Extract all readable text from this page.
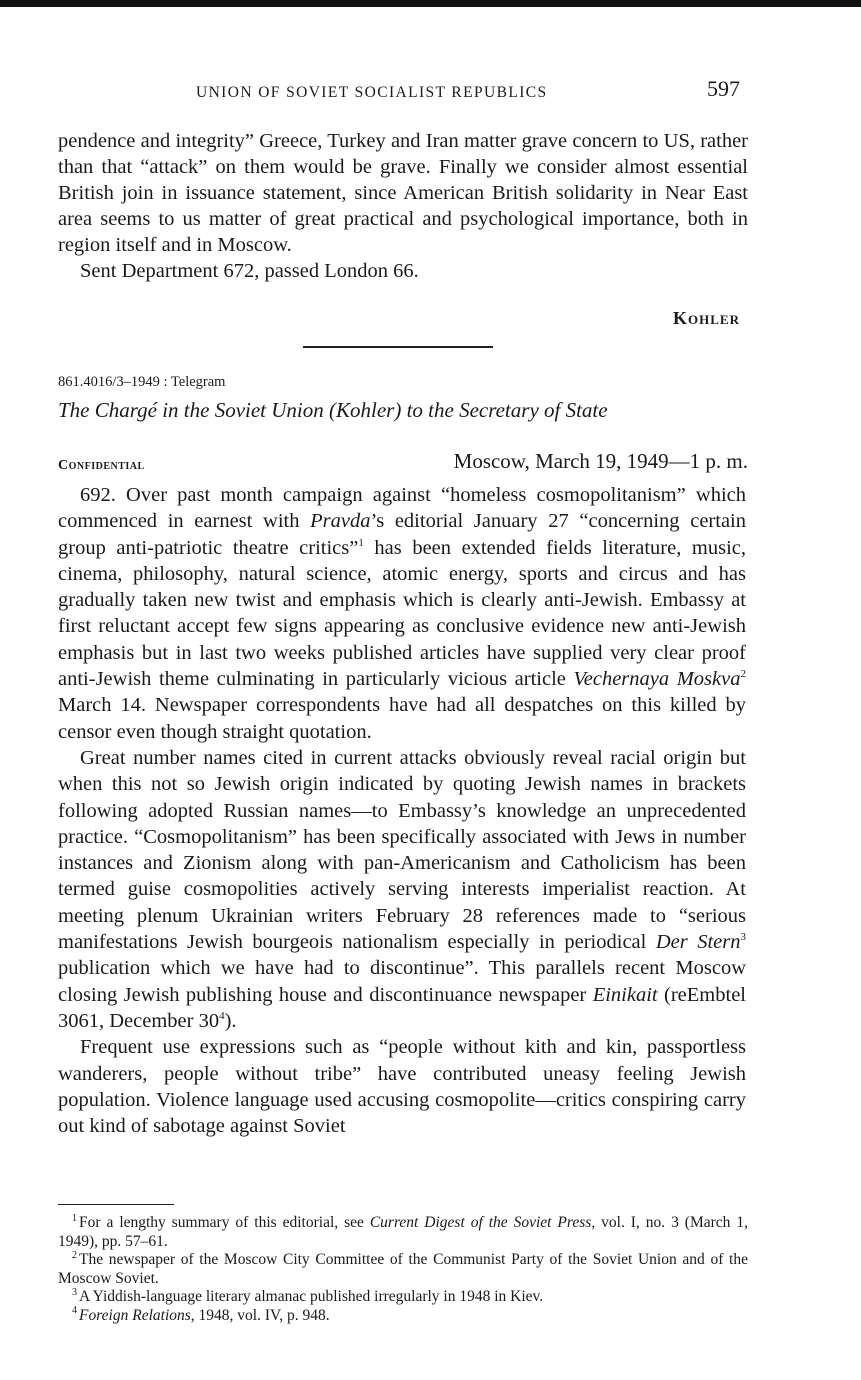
UNION OF SOVIET SOCIALIST REPUBLICS	597

pendence and integrity” Greece, Turkey and Iran matter grave concern to US, rather than that “attack” on them would be grave. Finally we consider almost essential British join in issuance statement, since American British solidarity in Near East area seems to us matter of great practical and psychological importance, both in region itself and in Moscow.

Sent Department 672, passed London 66.

Kohler
861.4016/3–1949 : Telegram
The Chargé in the Soviet Union (Kohler) to the Secretary of State
Confidential	Moscow, March 19, 1949—1 p. m.

692. Over past month campaign against “homeless cosmopolitanism” which commenced in earnest with Pravda’s editorial January 27 “concerning certain group anti-patriotic theatre critics”$^1$ has been extended fields literature, music, cinema, philosophy, natural science, atomic energy, sports and circus and has gradually taken new twist and emphasis which is clearly anti-Jewish. Embassy at first reluctant accept few signs appearing as conclusive evidence new anti-Jewish emphasis but in last two weeks published articles have supplied very clear proof anti-Jewish theme culminating in particularly vicious article Vechernaya Moskva$^2$ March 14. Newspaper correspondents have had all despatches on this killed by censor even though straight quotation.

Great number names cited in current attacks obviously reveal racial origin but when this not so Jewish origin indicated by quoting Jewish names in brackets following adopted Russian names—to Embassy’s knowledge an unprecedented practice. “Cosmopolitanism” has been specifically associated with Jews in number instances and Zionism along with pan-Americanism and Catholicism has been termed guise cosmopolities actively serving interests imperialist reaction. At meeting plenum Ukrainian writers February 28 references made to “serious manifestations Jewish bourgeois nationalism especially in periodical Der Stern$^3$ publication which we have had to discontinue”. This parallels recent Moscow closing Jewish publishing house and discontinuance newspaper Einikait (reEmbtel 3061, December $30^4$).

Frequent use expressions such as “people without kith and kin, passportless wanderers, people without tribe” have contributed uneasy feeling Jewish population. Violence language used accusing cosmopolite—critics conspiring carry out kind of sabotage against Soviet

$^1$ For a lengthy summary of this editorial, see Current Digest of the Soviet Press, vol. I, no. 3 (March 1, 1949), pp. 57–61.

$^2$ The newspaper of the Moscow City Committee of the Communist Party of the Soviet Union and of the Moscow Soviet.

$^3$ A Yiddish-language literary almanac published irregularly in 1948 in Kiev.

$^4$ Foreign Relations, 1948, vol. IV, p. 948.
